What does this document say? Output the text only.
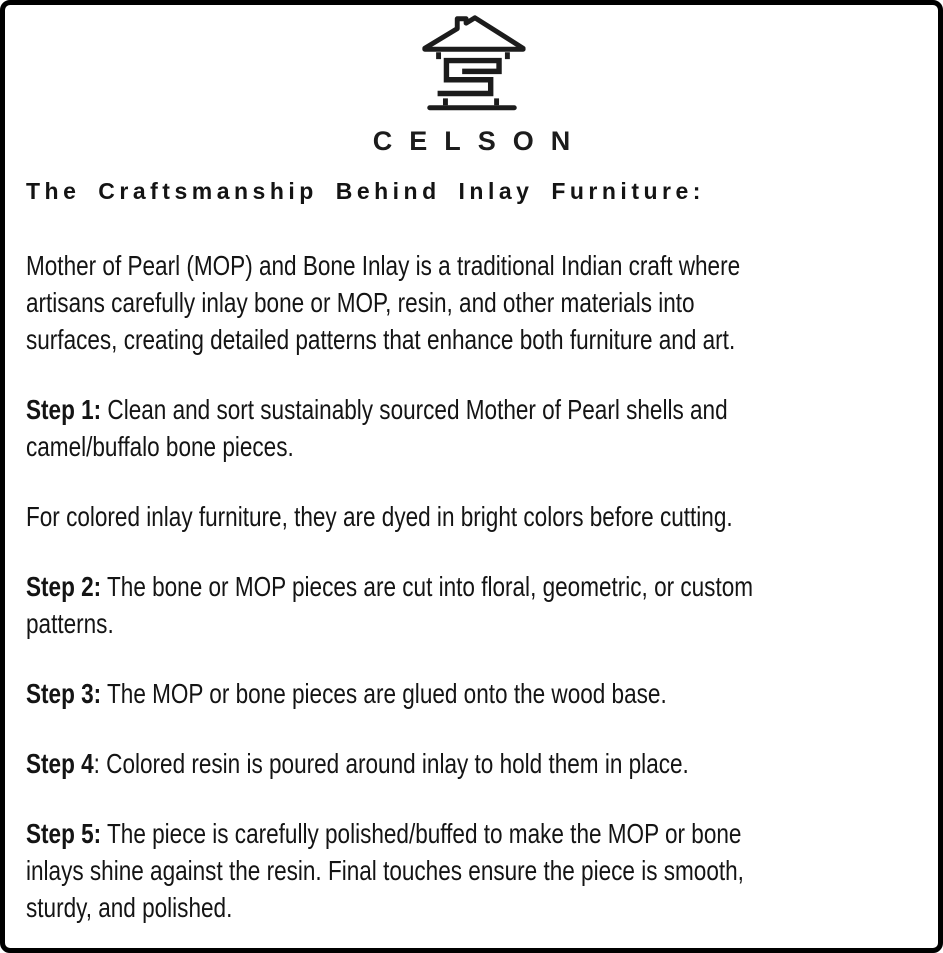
CELSON
The Craftsmanship Behind Inlay Furniture:

Mother of Pearl (MOP) and Bone Inlay is a traditional Indian craft where
artisans carefully inlay bone or MOP, resin, and other materials into
surfaces, creating detailed patterns that enhance both furniture and art.

Step 1: Clean and sort sustainably sourced Mother of Pearl shells and
camel/buffalo bone pieces.

For colored inlay furniture, they are dyed in bright colors before cutting.

Step 2: The bone or MOP pieces are cut into floral, geometric, or custom
patterns.

Step 3: The MOP or bone pieces are glued onto the wood base.

Step 4: Colored resin is poured around inlay to hold them in place.

Step 5: The piece is carefully polished/buffed to make the MOP or bone
inlays shine against the resin. Final touches ensure the piece is smooth,
sturdy, and polished.
